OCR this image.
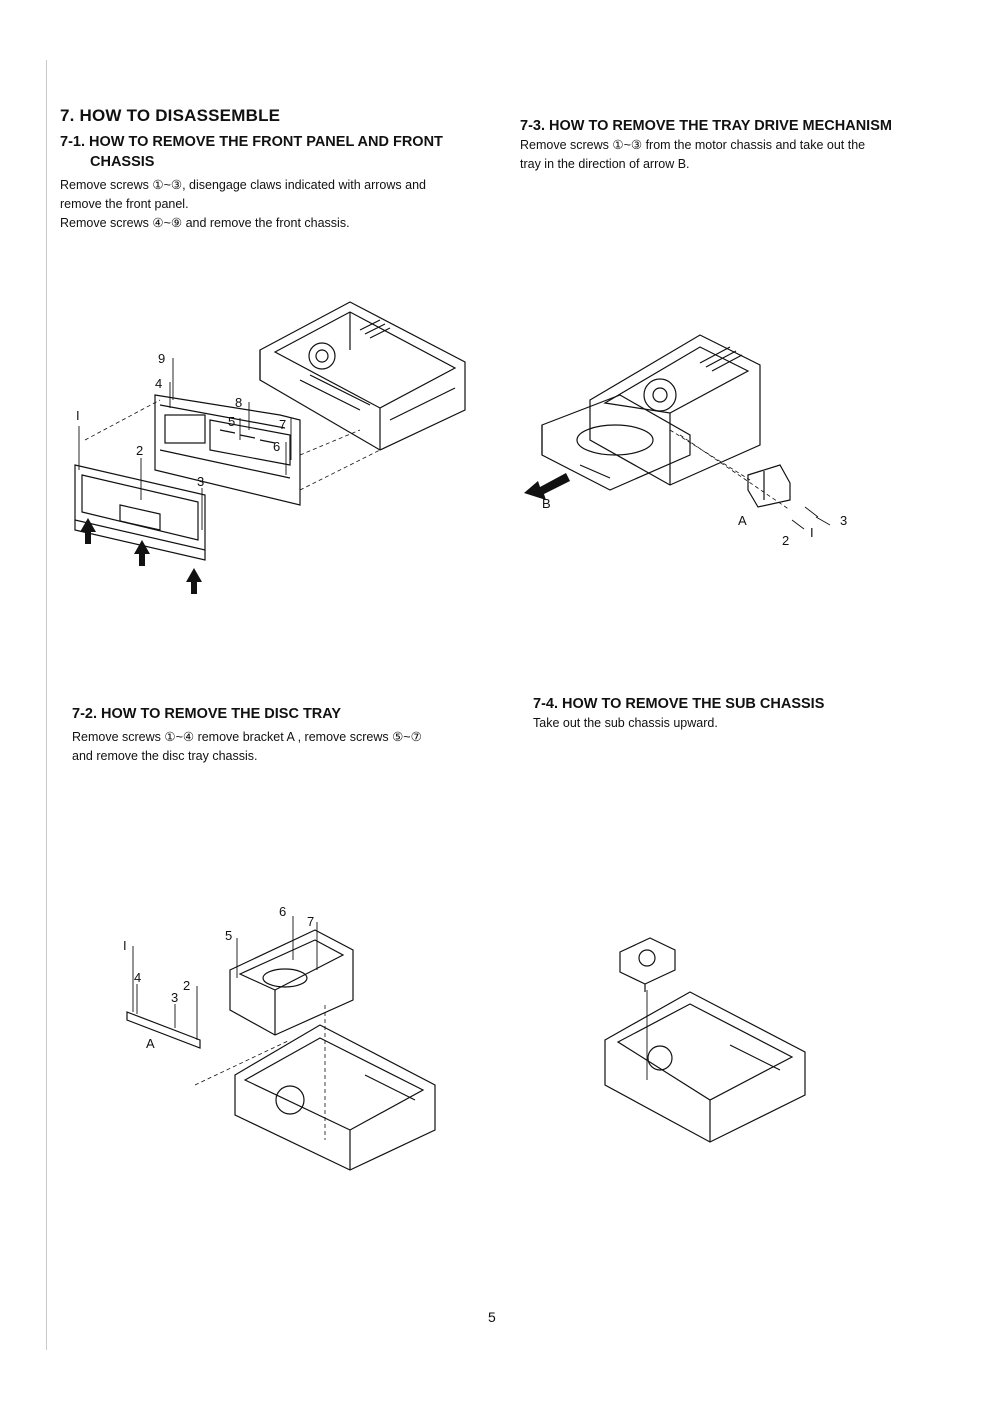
7. HOW TO DISASSEMBLE
7-1. HOW TO REMOVE THE FRONT PANEL AND FRONT
CHASSIS

Remove screws ①~③, disengage claws indicated with arrows and

remove the front panel.

Remove screws ④~⑨ and remove the front chassis.

7-3. HOW TO REMOVE THE TRAY DRIVE MECHANISM

Remove screws ①~③ from the motor chassis and take out the

tray in the direction of arrow B.

7-2. HOW TO REMOVE THE DISC TRAY

Remove screws ①~④ remove bracket A , remove screws ⑤~⑦

and remove the disc tray chassis.

7-4. HOW TO REMOVE THE SUB CHASSIS

Take out the sub chassis upward.

9
4
8
5	7
6
I
2
3
B
A	3
2
I
6
7
5
I
4
2
3
A
5
